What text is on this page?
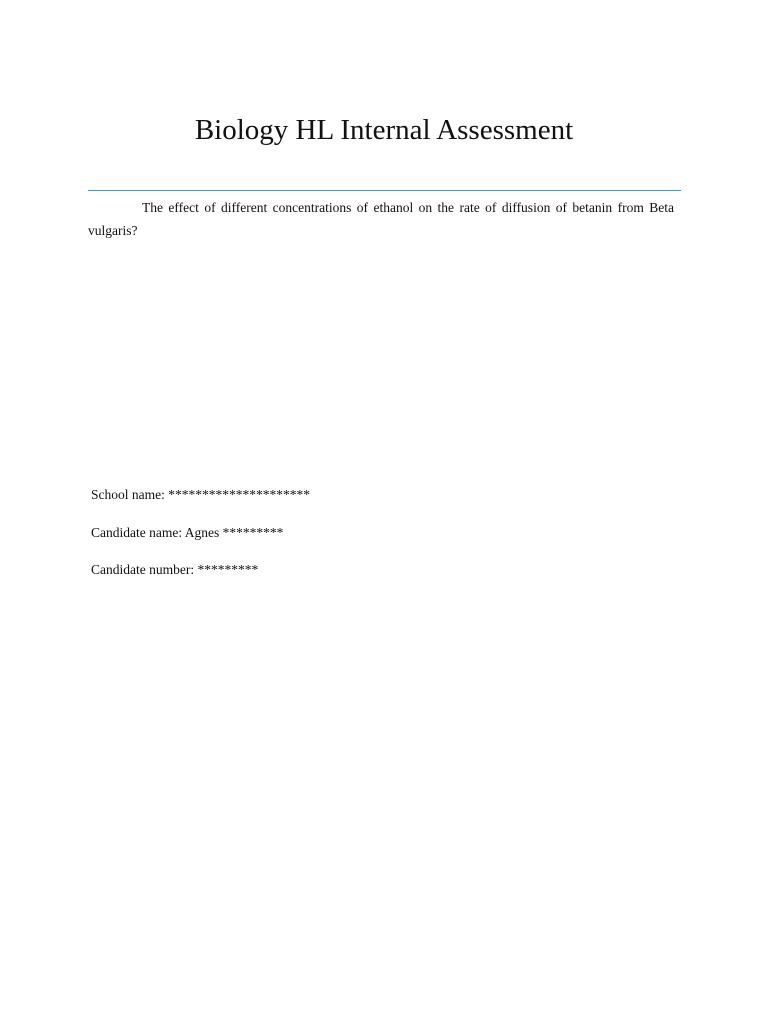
Biology HL Internal Assessment

The effect of different concentrations of ethanol on the rate of diffusion of betanin from Beta vulgaris?

School name: *********************

Candidate name: Agnes *********

Candidate number: *********
